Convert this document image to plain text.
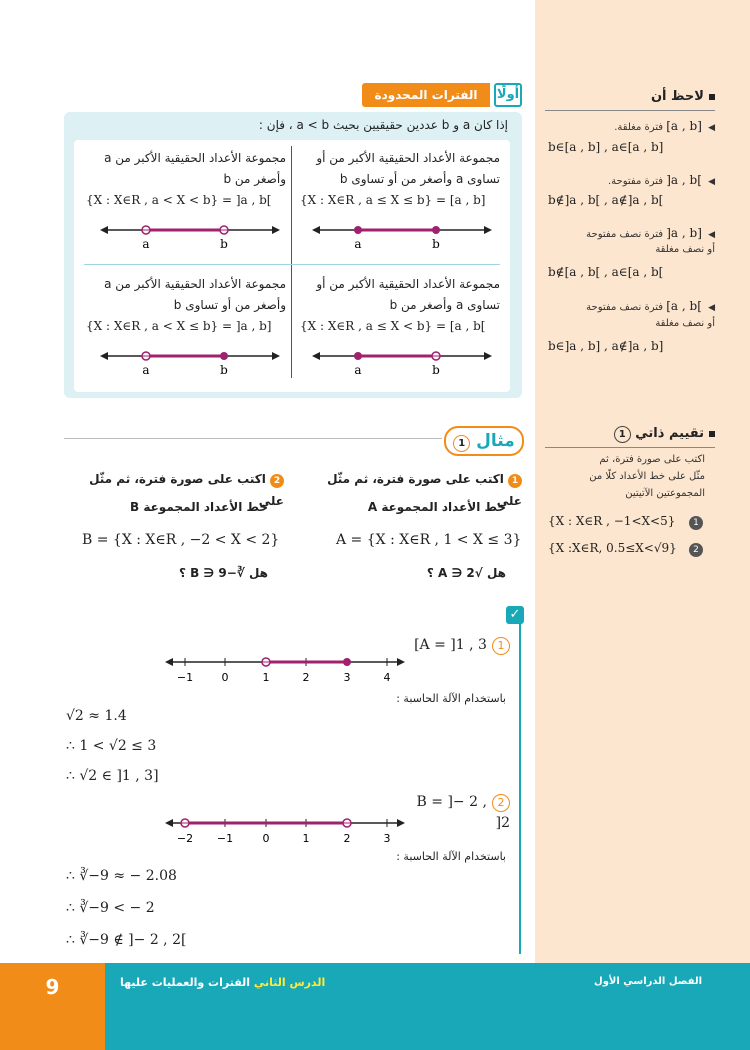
لاحظ أن
◀ [a , b] فترة مغلقة.
b∈[a , b] , a∈[a , b]
◀ ]a , b[ فترة مفتوحة.
b∉]a , b[ , a∉]a , b[
◀ [a , b[ فترة نصف مفتوحة
أو نصف مغلقة
b∉[a , b[ , a∈[a , b[
◀ ]a , b] فترة نصف مفتوحة
أو نصف مغلقة
b∈]a , b] , a∉]a , b]
تقييم ذاتي 1
اكتب على صورة فترة، ثم
مثّل على خط الأعداد كلًا من
المجموعتين الآتيتين
{X : X∈R , −1<X<5}	1
{X :X∈R, 0.5≤X<√9}	2
الفترات المحدودة	أولًا
إذا كان a و b عددين حقيقيين بحيث a < b ، فإن :
مجموعة الأعداد الحقيقية الأكبر من أو
تساوى a وأصغر من أو تساوى b
{X : X∈R , a ≤ X ≤ b} = [a , b]
a	b
مجموعة الأعداد الحقيقية الأكبر من a
وأصغر من b
{X : X∈R , a < X < b} = ]a , b[
a	b
مجموعة الأعداد الحقيقية الأكبر من أو
تساوى a وأصغر من b
{X : X∈R , a ≤ X < b} = [a , b[
a	b
مجموعة الأعداد الحقيقية الأكبر من a
وأصغر من أو تساوى b
{X : X∈R , a < X ≤ b} = ]a , b]
a	b
مثال 1
1 اكتب على صورة فترة، ثم مثّل على
خط الأعداد المجموعة A
A = {X : X∈R , 1 < X ≤ 3}
هل √2 ∈ A ؟
2 اكتب على صورة فترة، ثم مثّل على
خط الأعداد المجموعة B
B = {X : X∈R , −2 < X < 2}
هل ∛−9 ∈ B ؟
✓
1 A = ]1 , 3]
−1	0	1	2	3	4
باستخدام الآلة الحاسبة :
√2 ≈ 1.4
∴ 1 < √2 ≤ 3
∴ √2 ∈ ]1 , 3]
2 B = ]− 2 , 2[
−2 −1	0	1	2	3
باستخدام الآلة الحاسبة :
∴ ∛−9 ≈ − 2.08
∴ ∛−9 < − 2
∴ ∛−9 ∉ ]− 2 , 2[
9	الفصل الدراسي الأول
الدرس الثاني الفترات والعمليات عليها
